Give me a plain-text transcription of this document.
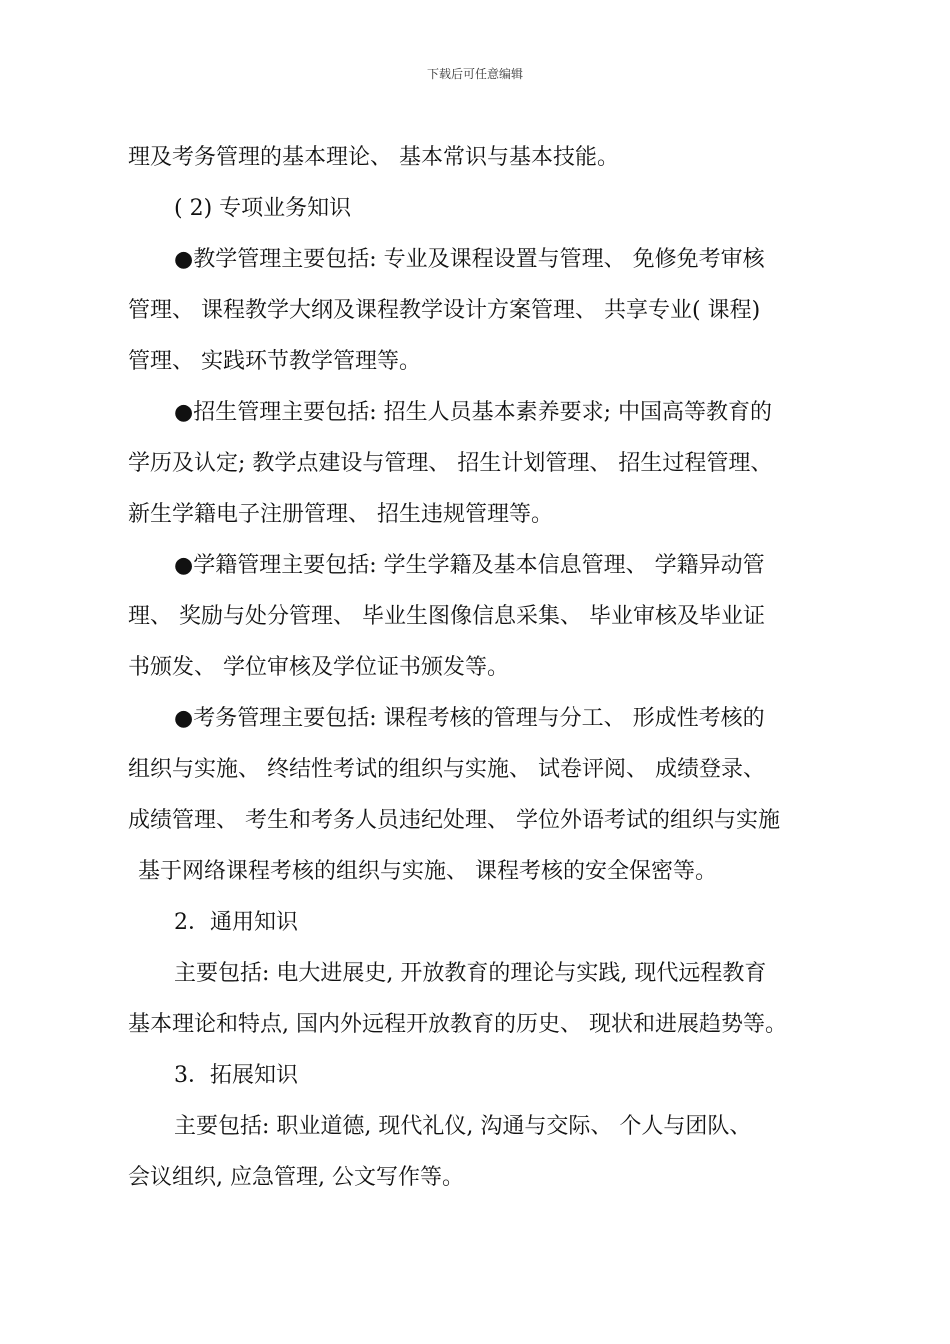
下载后可任意编辑
理及考务管理的基本理论、 基本常识与基本技能。
( 2) 专项业务知识
●教学管理主要包括: 专业及课程设置与管理、 免修免考审核
管理、 课程教学大纲及课程教学设计方案管理、 共享专业( 课程)
管理、 实践环节教学管理等。
●招生管理主要包括: 招生人员基本素养要求; 中国高等教育的
学历及认定; 教学点建设与管理、 招生计划管理、 招生过程管理、
新生学籍电子注册管理、 招生违规管理等。
●学籍管理主要包括: 学生学籍及基本信息管理、 学籍异动管
理、 奖励与处分管理、 毕业生图像信息采集、 毕业审核及毕业证
书颁发、 学位审核及学位证书颁发等。
●考务管理主要包括: 课程考核的管理与分工、 形成性考核的
组织与实施、 终结性考试的组织与实施、 试卷评阅、 成绩登录、
成绩管理、 考生和考务人员违纪处理、 学位外语考试的组织与实施
基于网络课程考核的组织与实施、 课程考核的安全保密等。
2．通用知识
主要包括: 电大进展史, 开放教育的理论与实践, 现代远程教育
基本理论和特点, 国内外远程开放教育的历史、 现状和进展趋势等。
3．拓展知识
主要包括: 职业道德, 现代礼仪, 沟通与交际、 个人与团队、
会议组织, 应急管理, 公文写作等。
